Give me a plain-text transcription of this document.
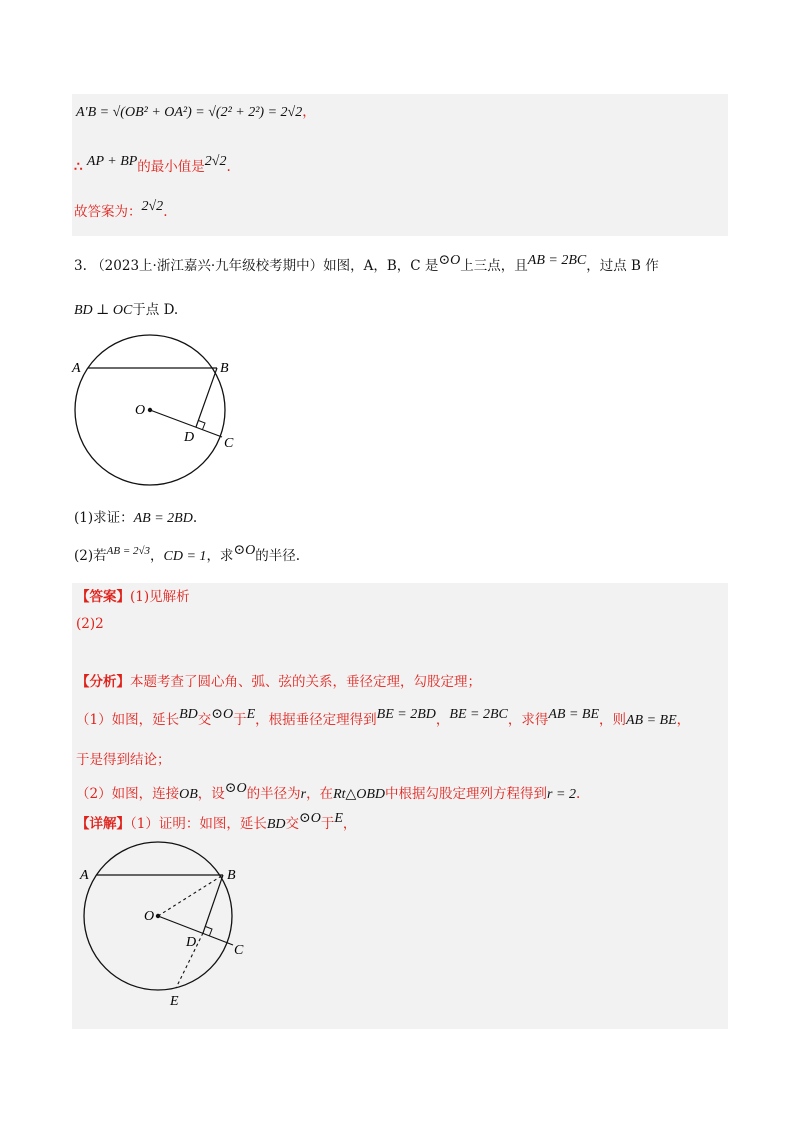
A′B = √(OB² + OA²) = √(2² + 2²) = 2√2，
∴ AP + BP的最小值是2√2.
故答案为：2√2.
3. （2023上·浙江嘉兴·九年级校考期中）如图，A，B，C 是⊙O上三点，且AB = 2BC，过点 B 作
BD ⊥ OC于点 D.
A	B
O
D C
(1)求证：AB = 2BD.
(2)若$^{AB = 2√3}$，CD = 1，求⊙O的半径.
【答案】(1)见解析
(2)2
【分析】本题考查了圆心角、弧、弦的关系，垂径定理，勾股定理；
（1）如图，延长BD交⊙O于E，根据垂径定理得到BE = 2BD，BE = 2BC，求得AB = BE，则AB = BE，
于是得到结论；
（2）如图，连接OB，设⊙O的半径为r，在Rt△OBD中根据勾股定理列方程得到r = 2.
【详解】（1）证明：如图，延长BD交⊙O于E，
A	B
O
D
C
E
